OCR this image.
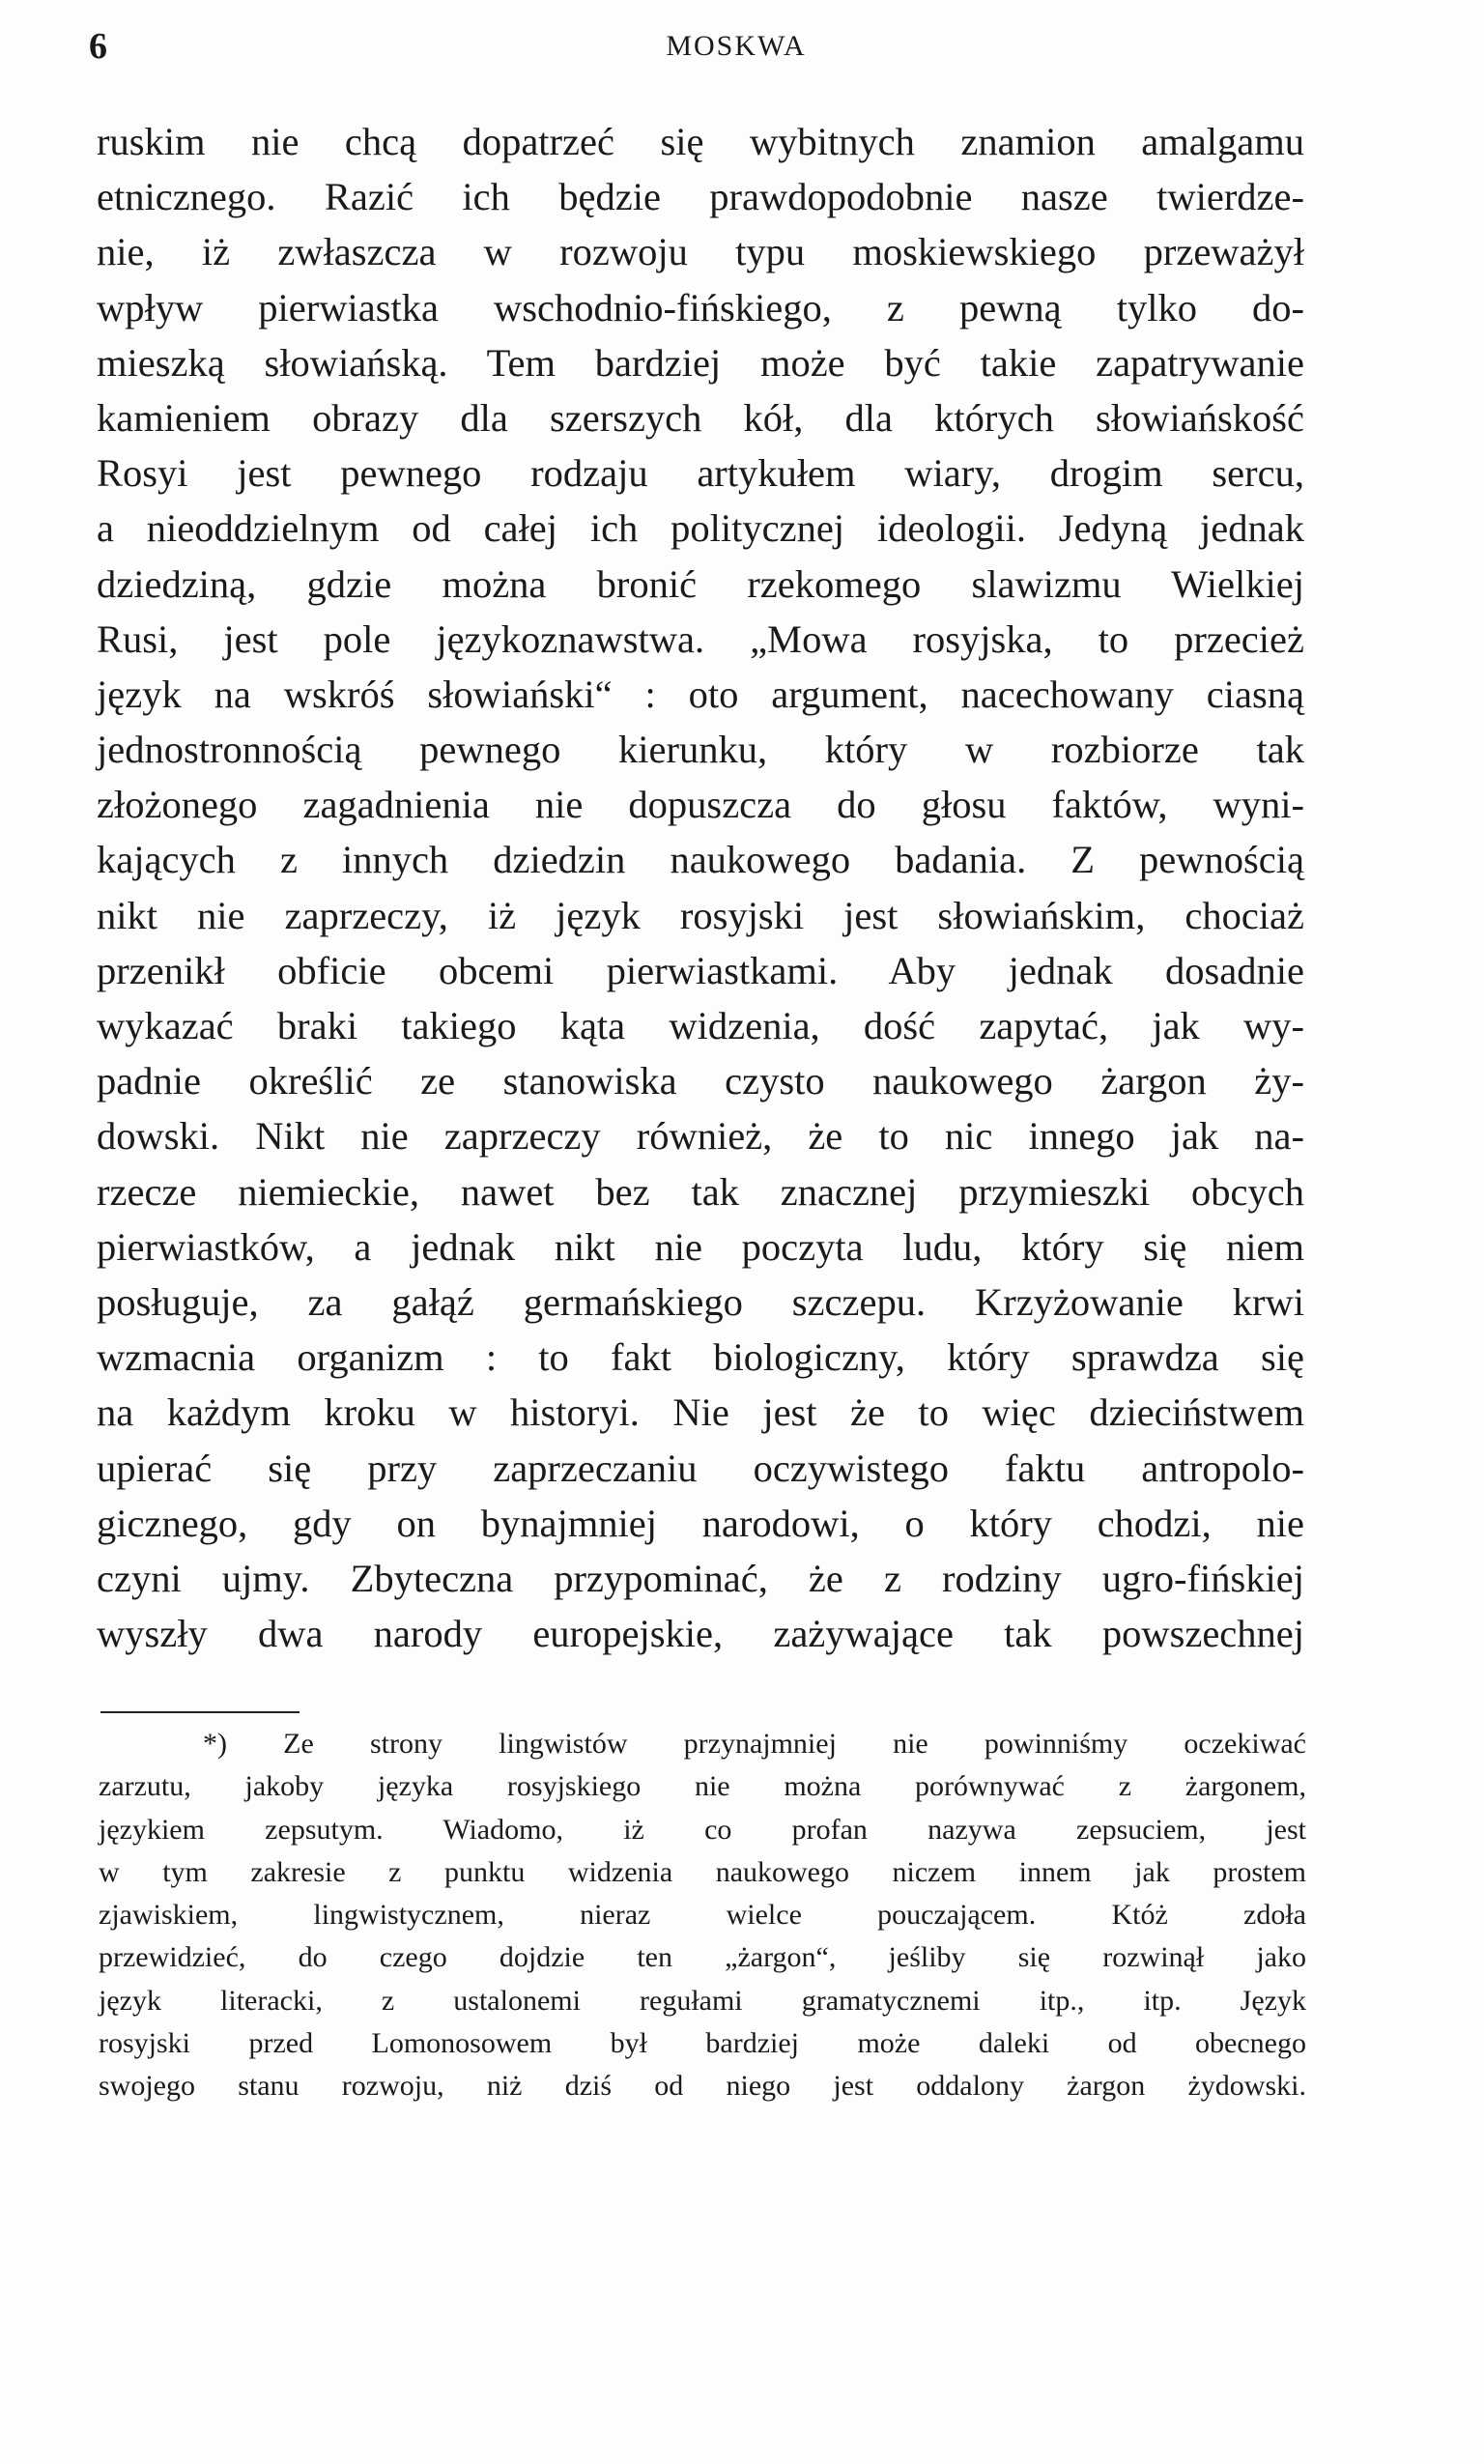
6	MOSKWA
ruskim nie chcą dopatrzeć się wybitnych znamion amalgamu
etnicznego. Razić ich będzie prawdopodobnie nasze twierdze-
nie, iż zwłaszcza w rozwoju typu moskiewskiego przeważył
wpływ pierwiastka wschodnio-fińskiego, z pewną tylko do-
mieszką słowiańską. Tem bardziej może być takie zapatrywanie
kamieniem obrazy dla szerszych kół, dla których słowiańskość
Rosyi jest pewnego rodzaju artykułem wiary, drogim sercu,
a nieoddzielnym od całej ich politycznej ideologii. Jedyną jednak
dziedziną, gdzie można bronić rzekomego slawizmu Wielkiej
Rusi, jest pole językoznawstwa. „Mowa rosyjska, to przecież
język na wskróś słowiański“ : oto argument, nacechowany ciasną
jednostronnością pewnego kierunku, który w rozbiorze tak
złożonego zagadnienia nie dopuszcza do głosu faktów, wyni-
kających z innych dziedzin naukowego badania. Z pewnością
nikt nie zaprzeczy, iż język rosyjski jest słowiańskim, chociaż
przenikł obficie obcemi pierwiastkami. Aby jednak dosadnie
wykazać braki takiego kąta widzenia, dość zapytać, jak wy-
padnie określić ze stanowiska czysto naukowego żargon ży-
dowski. Nikt nie zaprzeczy również, że to nic innego jak na-
rzecze niemieckie, nawet bez tak znacznej przymieszki obcych
pierwiastków, a jednak nikt nie poczyta ludu, który się niem
posługuje, za gałąź germańskiego szczepu. Krzyżowanie krwi
wzmacnia organizm : to fakt biologiczny, który sprawdza się
na każdym kroku w historyi. Nie jest że to więc dzieciństwem
upierać się przy zaprzeczaniu oczywistego faktu antropolo-
gicznego, gdy on bynajmniej narodowi, o który chodzi, nie
czyni ujmy. Zbyteczna przypominać, że z rodziny ugro-fińskiej
wyszły dwa narody europejskie, zażywające tak powszechnej
*) Ze strony lingwistów przynajmniej nie powinniśmy oczekiwać
zarzutu, jakoby języka rosyjskiego nie można porównywać z żargonem,
językiem zepsutym. Wiadomo, iż co profan nazywa zepsuciem, jest
w tym zakresie z punktu widzenia naukowego niczem innem jak prostem
zjawiskiem, lingwistycznem, nieraz wielce pouczającem. Któż zdoła
przewidzieć, do czego dojdzie ten „żargon“, jeśliby się rozwinął jako
język literacki, z ustalonemi regułami gramatycznemi itp., itp. Język
rosyjski przed Lomonosowem był bardziej może daleki od obecnego
swojego stanu rozwoju, niż dziś od niego jest oddalony żargon żydowski.
